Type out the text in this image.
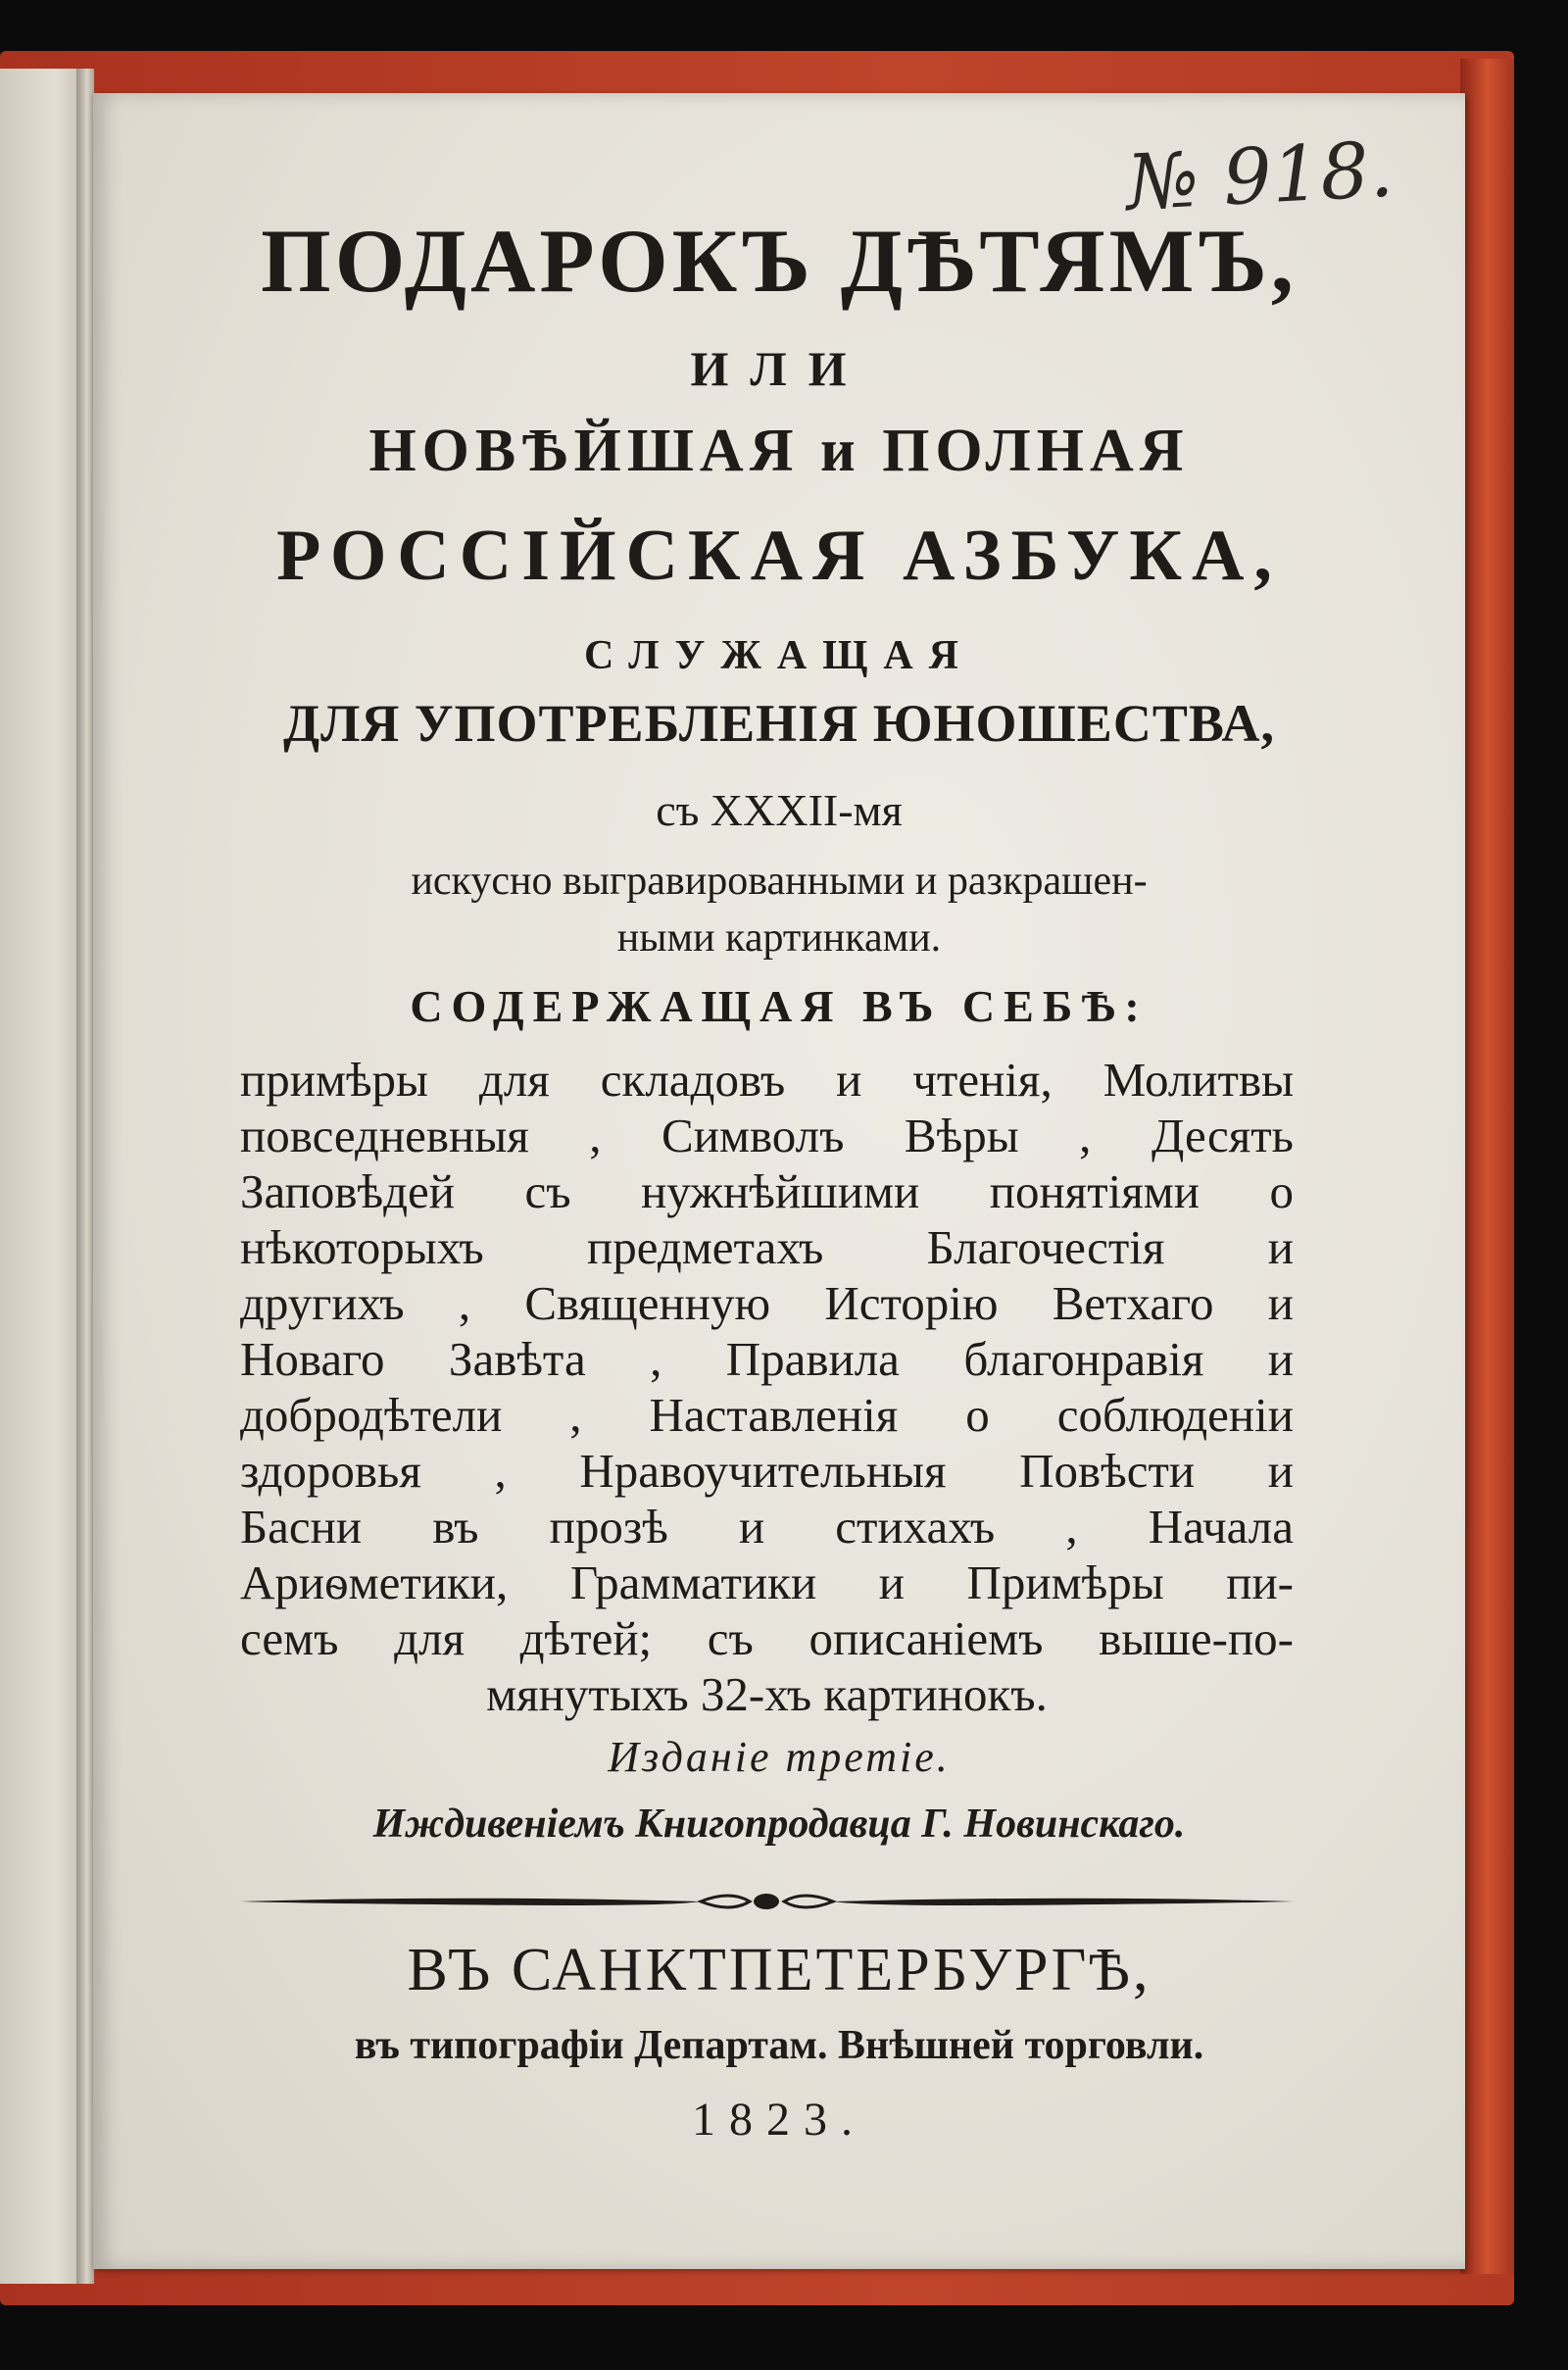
№ 918.
ПОДАРОКЪ ДѢТЯМЪ,
ИЛИ
НОВѢЙШАЯ и ПОЛНАЯ
РОССІЙСКАЯ АЗБУКА,
СЛУЖАЩАЯ
ДЛЯ УПОТРЕБЛЕНІЯ ЮНОШЕСТВА,
съ XXXII-мя
искусно выгравированными и разкрашен-
ными картинками.
СОДЕРЖАЩАЯ ВЪ СЕБѢ:
примѣры для складовъ и чтенія, Молитвы
повседневныя , Символъ Вѣры , Десять
Заповѣдей съ нужнѣйшими понятіями о
нѣкоторыхъ предметахъ Благочестія и
другихъ , Священную Исторію Ветхаго и
Новаго Завѣта , Правила благонравія и
добродѣтели , Наставленія о соблюденіи
здоровья , Нравоучительныя Повѣсти и
Басни въ прозѣ и стихахъ , Начала
Ариѳметики, Грамматики и Примѣры пи-
семъ для дѣтей; съ описаніемъ выше-по-
мянутыхъ 32-хъ картинокъ.
Изданіе третіе.
Иждивеніемъ Книгопродавца Г. Новинскаго.
ВЪ САНКТПЕТЕРБУРГѢ,
въ типографіи Департам. Внѣшней торговли.
1823.
